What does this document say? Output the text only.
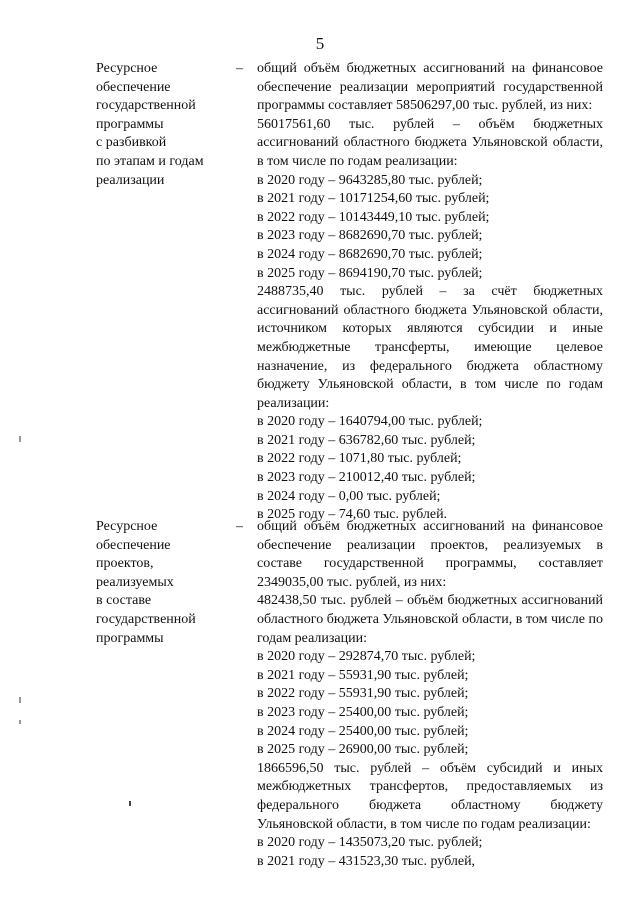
5
Ресурсное
обеспечение
государственной
программы
с разбивкой
по этапам и годам
реализации
– общий объём бюджетных ассигнований на финансовое обеспечение реализации мероприятий государственной программы составляет 58506297,00 тыс. рублей, из них:

56017561,60 тыс. рублей – объём бюджетных ассигнований областного бюджета Ульяновской области, в том числе по годам реализации:

в 2020 году – 9643285,80 тыс. рублей;
в 2021 году – 10171254,60 тыс. рублей;
в 2022 году – 10143449,10 тыс. рублей;
в 2023 году – 8682690,70 тыс. рублей;
в 2024 году – 8682690,70 тыс. рублей;
в 2025 году – 8694190,70 тыс. рублей;

2488735,40 тыс. рублей – за счёт бюджетных ассигнований областного бюджета Ульяновской области, источником которых являются субсидии и иные межбюджетные трансферты, имеющие целевое назначение, из федерального бюджета областному бюджету Ульяновской области, в том числе по годам реализации:

в 2020 году – 1640794,00 тыс. рублей;
в 2021 году – 636782,60 тыс. рублей;
в 2022 году – 1071,80 тыс. рублей;
в 2023 году – 210012,40 тыс. рублей;
в 2024 году – 0,00 тыс. рублей;
в 2025 году – 74,60 тыс. рублей.
Ресурсное
обеспечение
проектов,
реализуемых
в составе
государственной
программы
– общий объём бюджетных ассигнований на финансовое обеспечение реализации проектов, реализуемых в составе государственной программы, составляет 2349035,00 тыс. рублей, из них:

482438,50 тыс. рублей – объём бюджетных ассигнований областного бюджета Ульяновской области, в том числе по годам реализации:

в 2020 году – 292874,70 тыс. рублей;
в 2021 году – 55931,90 тыс. рублей;
в 2022 году – 55931,90 тыс. рублей;
в 2023 году – 25400,00 тыс. рублей;
в 2024 году – 25400,00 тыс. рублей;
в 2025 году – 26900,00 тыс. рублей;

1866596,50 тыс. рублей – объём субсидий и иных межбюджетных трансфертов, предоставляемых из федерального бюджета областному бюджету Ульяновской области, в том числе по годам реализации:

в 2020 году – 1435073,20 тыс. рублей;
в 2021 году – 431523,30 тыс. рублей,
